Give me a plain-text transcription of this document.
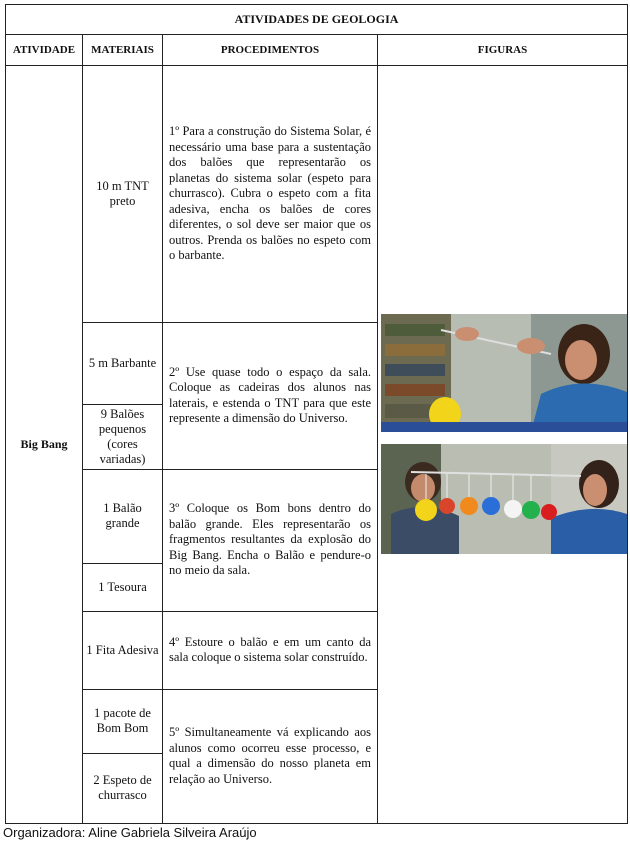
ATIVIDADES DE GEOLOGIA			
ATIVIDADE	MATERIAIS	PROCEDIMENTOS	FIGURAS
Big Bang	10 m TNT preto	1º Para a construção do Sistema Solar, é necessário uma base para a sustentação dos balões que representarão os planetas do sistema solar (espeto para churrasco). Cubra o espeto com a fita adesiva, encha os balões de cores diferentes, o sol deve ser maior que os outros. Prenda os balões no espeto com o barbante.	

	5 m Barbante	2º Use quase todo o espaço da sala. Coloque as cadeiras dos alunos nas laterais, e estenda o TNT para que este represente a dimensão do Universo.	
	9 Balões pequenos (cores variadas)		
	1 Balão grande	3º Coloque os Bom bons dentro do balão grande. Eles representarão os fragmentos resultantes da explosão do Big Bang. Encha o Balão e pendure-o no meio da sala.	
	1 Tesoura		
	1 Fita Adesiva	4º Estoure o balão e em um canto da sala coloque o sistema solar construído.	
	1 pacote de Bom Bom	5º Simultaneamente vá explicando aos alunos como ocorreu esse processo, e qual a dimensão do nosso planeta em relação ao Universo.	
	2 Espeto de churrasco		
Organizadora: Aline Gabriela Silveira Araújo
